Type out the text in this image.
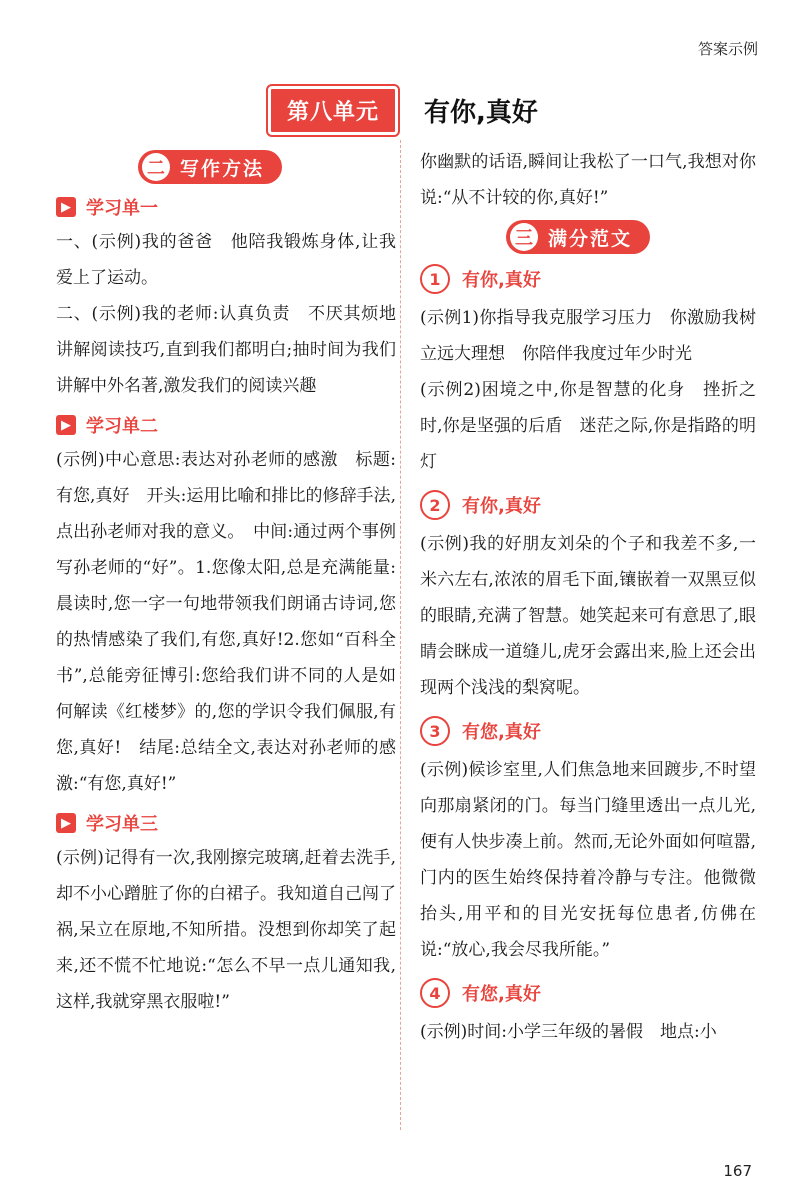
答案示例
第八单元	有你,真好
二 写作方法
▶ 学习单一

一、(示例)我的爸爸　他陪我锻炼身体,让我爱上了运动。

二、(示例)我的老师:认真负责　不厌其烦地讲解阅读技巧,直到我们都明白;抽时间为我们讲解中外名著,激发我们的阅读兴趣

▶ 学习单二

(示例)中心意思:表达对孙老师的感激　标题:有您,真好　开头:运用比喻和排比的修辞手法,点出孙老师对我的意义。　中间:通过两个事例写孙老师的“好”。1.您像太阳,总是充满能量:晨读时,您一字一句地带领我们朗诵古诗词,您的热情感染了我们,有您,真好!2.您如“百科全书”,总能旁征博引:您给我们讲不同的人是如何解读《红楼梦》的,您的学识令我们佩服,有您,真好!　结尾:总结全文,表达对孙老师的感激:“有您,真好!”

▶ 学习单三

(示例)记得有一次,我刚擦完玻璃,赶着去洗手,却不小心蹭脏了你的白裙子。我知道自己闯了祸,呆立在原地,不知所措。没想到你却笑了起来,还不慌不忙地说:“怎么不早一点儿通知我,这样,我就穿黑衣服啦!”

你幽默的话语,瞬间让我松了一口气,我想对你说:“从不计较的你,真好!”

三 满分范文
1	有你,真好

(示例1)你指导我克服学习压力　你激励我树立远大理想　你陪伴我度过年少时光

(示例2)困境之中,你是智慧的化身　挫折之时,你是坚强的后盾　迷茫之际,你是指路的明灯

2	有你,真好

(示例)我的好朋友刘朵的个子和我差不多,一米六左右,浓浓的眉毛下面,镶嵌着一双黑豆似的眼睛,充满了智慧。她笑起来可有意思了,眼睛会眯成一道缝儿,虎牙会露出来,脸上还会出现两个浅浅的梨窝呢。

3	有您,真好

(示例)候诊室里,人们焦急地来回踱步,不时望向那扇紧闭的门。每当门缝里透出一点儿光,便有人快步凑上前。然而,无论外面如何喧嚣,门内的医生始终保持着冷静与专注。他微微抬头,用平和的目光安抚每位患者,仿佛在说:“放心,我会尽我所能。”

4	有您,真好

(示例)时间:小学三年级的暑假　地点:小

167
